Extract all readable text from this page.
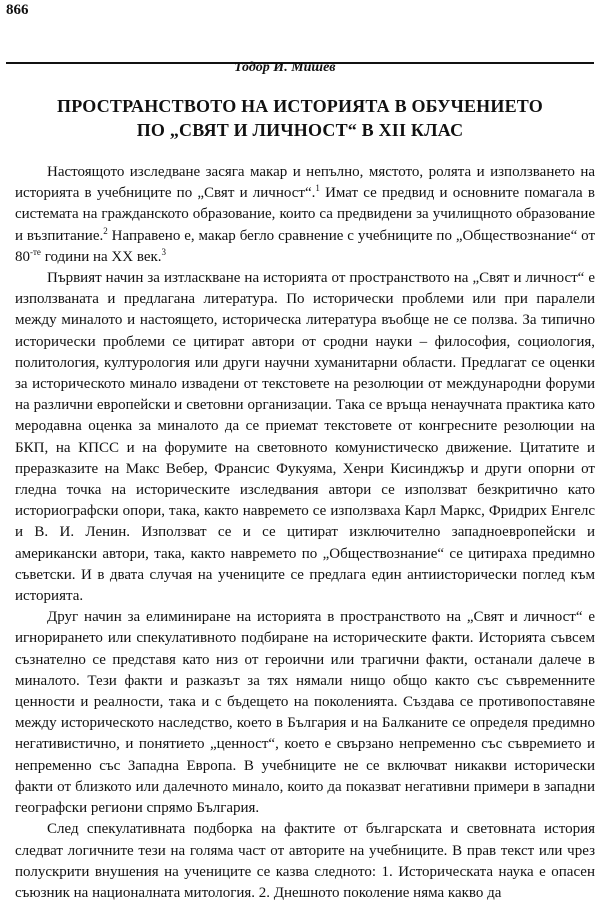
866
Тодор И. Мишев
ПРОСТРАНСТВОТО НА ИСТОРИЯТА В ОБУЧЕНИЕТО
ПО „СВЯТ И ЛИЧНОСТ“ В XII КЛАС

Настоящото изследване засяга макар и непълно, мястото, ролята и използването на историята в учебниците по „Свят и личност“.$^1$ Имат се предвид и основните помагала в системата на гражданското образование, които са предвидени за училищното образование и възпитание.$^2$ Направено е, макар бегло сравнение с учебниците по „Обществознание“ от $80^{-те}$ години на ХХ век.$^3$

Първият начин за изтласкване на историята от пространството на „Свят и личност“ е използваната и предлагана литература. По исторически проблеми или при паралели между миналото и настоящето, историческа литература въобще не се ползва. За типично исторически проблеми се цитират автори от сродни науки – философия, социология, политология, културология или други научни хуманитарни области. Предлагат се оценки за историческото минало извадени от текстовете на резолюции от международни форуми на различни европейски и световни организации. Така се връща ненаучната практика като меродавна оценка за миналото да се приемат текстовете от конгресните резолюции на БКП, на КПСС и на форумите на световното комунистическо движение. Цитатите и преразказите на Макс Вебер, Франсис Фукуяма, Хенри Кисинджър и други опорни от гледна точка на историческите изследвания автори се използват безкритично като историографски опори, така, както навремето се използваха Карл Маркс, Фридрих Енгелс и В. И. Ленин. Използват се и се цитират изключително западноевропейски и американски автори, така, както навремето по „Обществознание“ се цитираха предимно съветски. И в двата случая на учениците се предлага един антиисторически поглед към историята.

Друг начин за елиминиране на историята в пространството на „Свят и личност“ е игнорирането или спекулативното подбиране на историческите факти. Историята съвсем съзнателно се представя като низ от героични или трагични факти, останали далече в миналото. Тези факти и разказът за тях нямали нищо общо както със съвременните ценности и реалности, така и с бъдещето на поколенията. Създава се противопоставяне между историческото наследство, което в България и на Балканите се определя предимно негативистично, и понятието „ценност“, което е свързано непременно със съвремието и непременно със Западна Европа. В учебниците не се включват никакви исторически факти от близкото или далечното минало, които да показват негативни примери в западни географски региони спрямо България.

След спекулативната подборка на фактите от българската и световната история следват логичните тези на голяма част от авторите на учебниците. В прав текст или чрез полускрити внушения на учениците се казва следното: 1. Историческата наука е опасен съюзник на националната митология. 2. Днешното поколение няма какво да
